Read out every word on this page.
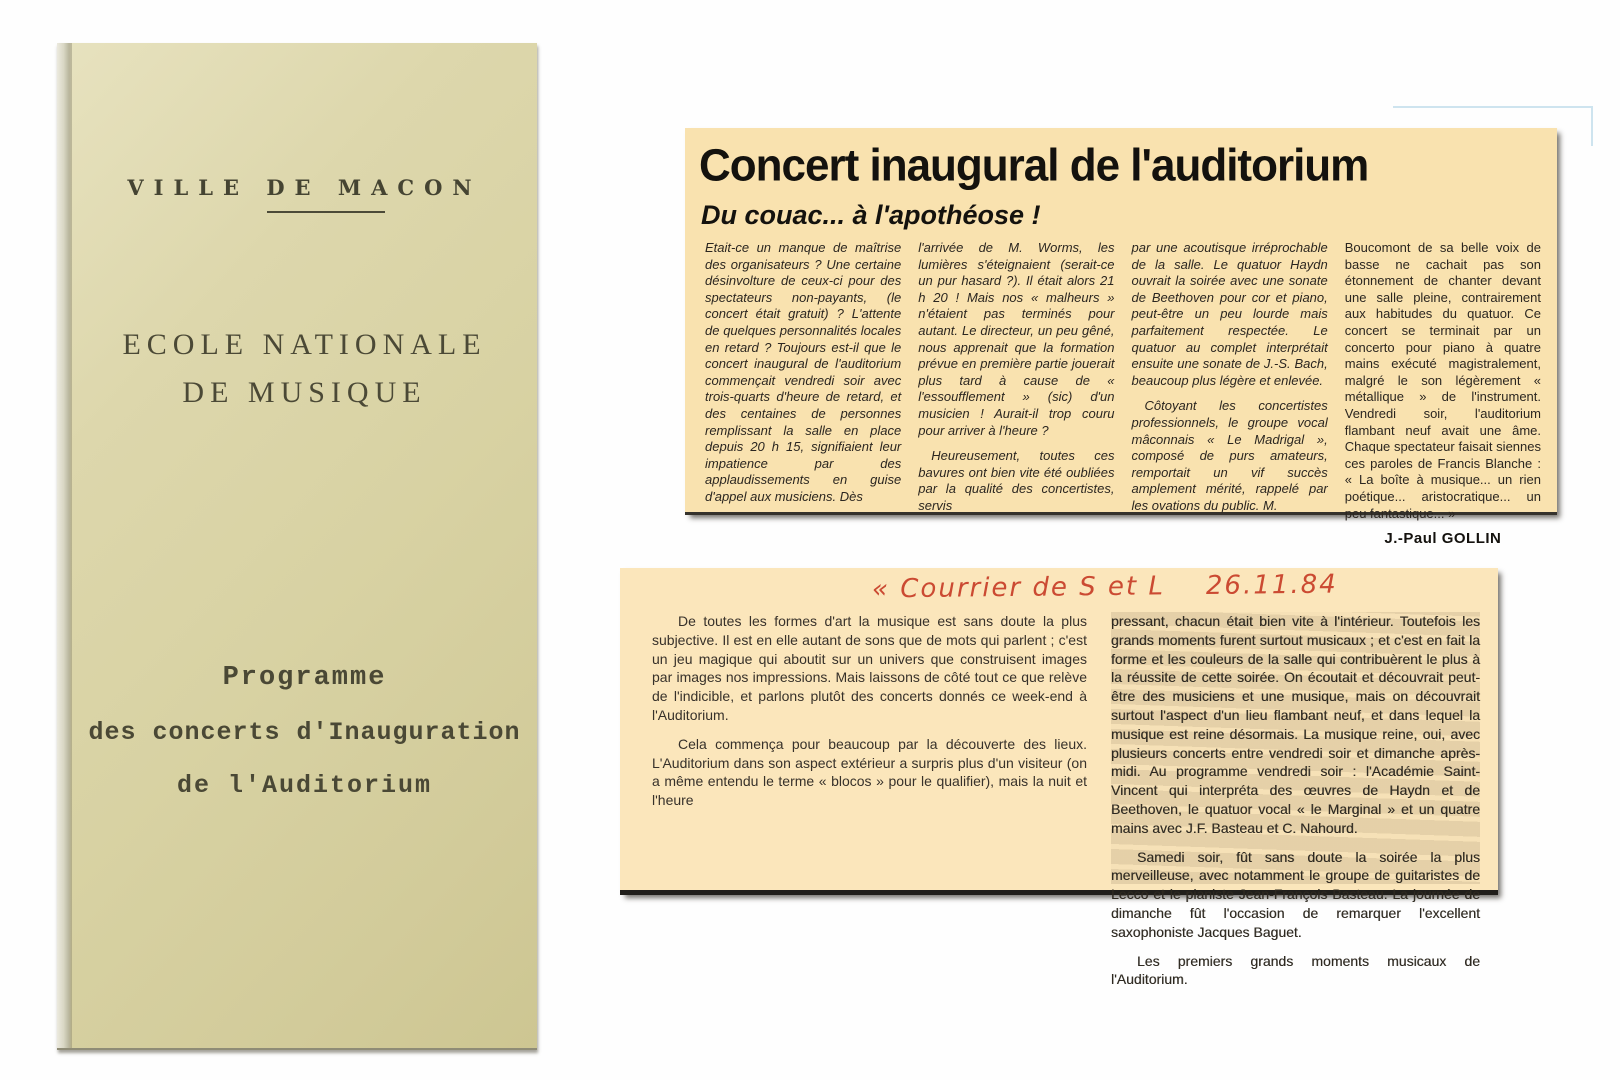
VILLE DE MACON
ECOLE NATIONALE
DE MUSIQUE
Programme
des concerts d'Inauguration
de l'Auditorium
Concert inaugural de l'auditorium
Du couac... à l'apothéose !

Etait-ce un manque de maîtrise des organisateurs ? Une certaine désinvolture de ceux-ci pour des spectateurs non-payants, (le concert était gratuit) ? L'attente de quelques personnalités locales en retard ? Toujours est-il que le concert inaugural de l'auditorium commençait vendredi soir avec trois-quarts d'heure de retard, et des centaines de personnes remplissant la salle en place depuis 20 h 15, signifiaient leur impatience par des applaudissements en guise d'appel aux musiciens. Dès

l'arrivée de M. Worms, les lumières s'éteignaient (serait-ce un pur hasard ?). Il était alors 21 h 20 ! Mais nos « malheurs » n'étaient pas terminés pour autant. Le directeur, un peu gêné, nous apprenait que la formation prévue en première partie jouerait plus tard à cause de « l'essoufflement » (sic) d'un musicien ! Aurait-il trop couru pour arriver à l'heure ?

Heureusement, toutes ces bavures ont bien vite été oubliées par la qualité des concertistes, servis

par une acoutisque irréprochable de la salle. Le quatuor Haydn ouvrait la soirée avec une sonate de Beethoven pour cor et piano, peut-être un peu lourde mais parfaitement respectée. Le quatuor au complet interprétait ensuite une sonate de J.-S. Bach, beaucoup plus légère et enlevée.

Côtoyant les concertistes professionnels, le groupe vocal mâconnais « Le Madrigal », composé de purs amateurs, remportait un vif succès amplement mérité, rappelé par les ovations du public. M.

Boucomont de sa belle voix de basse ne cachait pas son étonnement de chanter devant une salle pleine, contrairement aux habitudes du quatuor. Ce concert se terminait par un concerto pour piano à quatre mains exécuté magistralement, malgré le son légèrement « métallique » de l'instrument. Vendredi soir, l'auditorium flambant neuf avait une âme. Chaque spectateur faisait siennes ces paroles de Francis Blanche : « La boîte à musique... un rien poétique... aristocratique... un peu fantastique... »

J.-Paul GOLLIN
« Courrier de S et L    26.11.84

De toutes les formes d'art la musique est sans doute la plus subjective. Il est en elle autant de sons que de mots qui parlent ; c'est un jeu magique qui aboutit sur un univers que construisent images par images nos impressions. Mais laissons de côté tout ce que relève de l'indicible, et parlons plutôt des concerts donnés ce week-end à l'Auditorium.

Cela commença pour beaucoup par la découverte des lieux. L'Auditorium dans son aspect extérieur a surpris plus d'un visiteur (on a même entendu le terme « blocos » pour le qualifier), mais la nuit et l'heure

pressant, chacun était bien vite à l'intérieur. Toutefois les grands moments furent surtout musicaux ; et c'est en fait la forme et les couleurs de la salle qui contribuèrent le plus à la réussite de cette soirée. On écoutait et découvrait peut-être des musiciens et une musique, mais on découvrait surtout l'aspect d'un lieu flambant neuf, et dans lequel la musique est reine désormais. La musique reine, oui, avec plusieurs concerts entre vendredi soir et dimanche après-midi. Au programme vendredi soir : l'Académie Saint-Vincent qui interpréta des œuvres de Haydn et de Beethoven, le quatuor vocal « le Marginal » et un quatre mains avec J.F. Basteau et C. Nahourd.

Samedi soir, fût sans doute la soirée la plus merveilleuse, avec notamment le groupe de guitaristes de Lecco et le pianiste Jean-François Basteau. La journée de dimanche fût l'occasion de remarquer l'excellent saxophoniste Jacques Baguet.

Les premiers grands moments musicaux de l'Auditorium.
